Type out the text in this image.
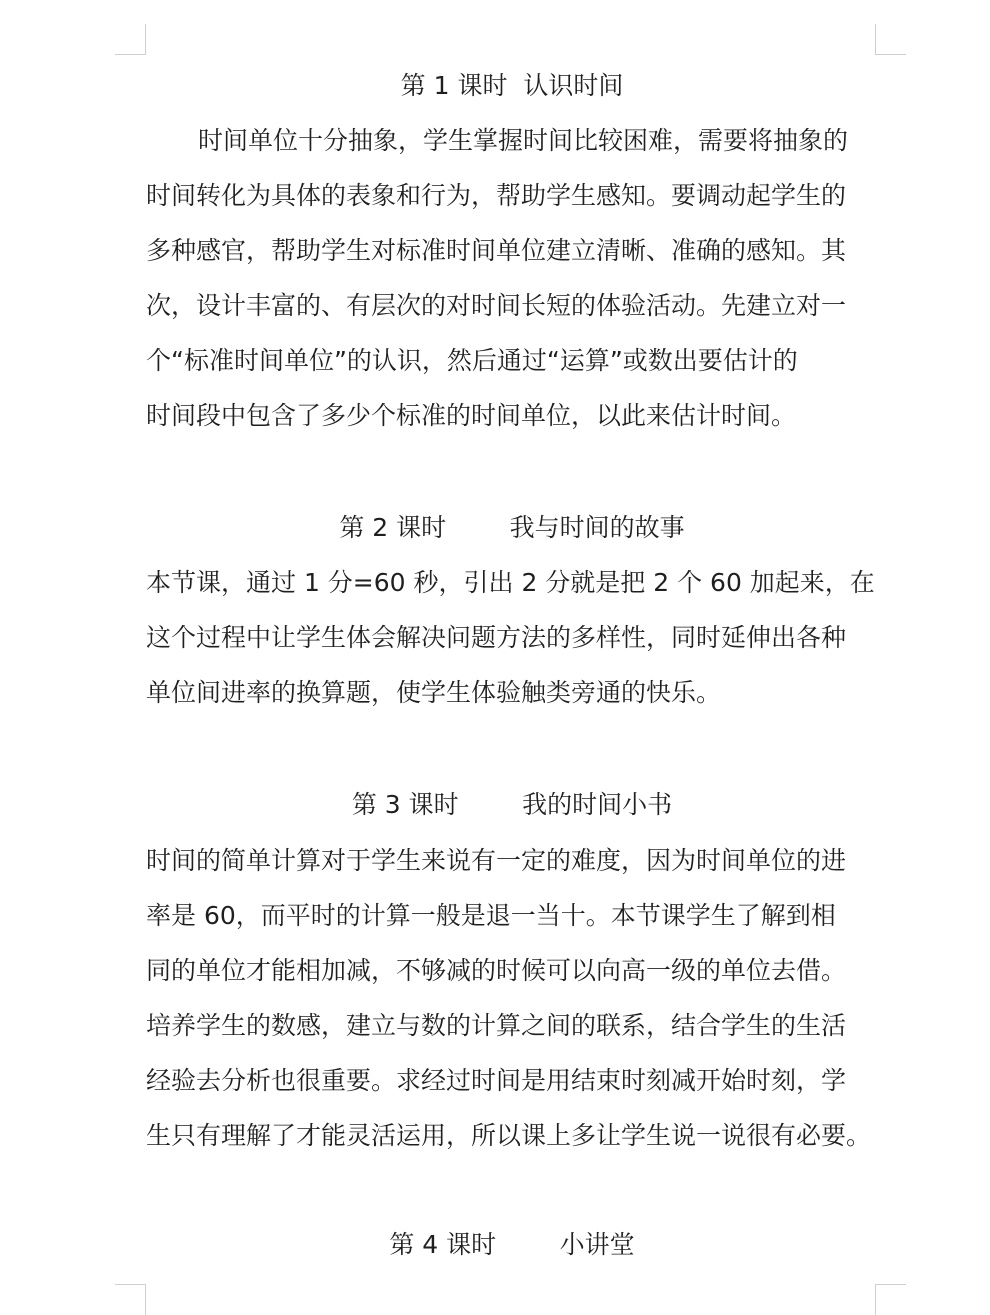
第 1 课时  认识时间
时间单位十分抽象，学生掌握时间比较困难，需要将抽象的
时间转化为具体的表象和行为，帮助学生感知。要调动起学生的
多种感官，帮助学生对标准时间单位建立清晰、准确的感知。其
次，设计丰富的、有层次的对时间长短的体验活动。先建立对一
个“标准时间单位”的认识，然后通过“运算”或数出要估计的
时间段中包含了多少个标准的时间单位，以此来估计时间。
第 2 课时        我与时间的故事
本节课，通过 1 分=60 秒，引出 2 分就是把 2 个 60 加起来，在
这个过程中让学生体会解决问题方法的多样性，同时延伸出各种
单位间进率的换算题，使学生体验触类旁通的快乐。
第 3 课时        我的时间小书
时间的简单计算对于学生来说有一定的难度，因为时间单位的进
率是 60，而平时的计算一般是退一当十。本节课学生了解到相
同的单位才能相加减，不够减的时候可以向高一级的单位去借。
培养学生的数感，建立与数的计算之间的联系，结合学生的生活
经验去分析也很重要。求经过时间是用结束时刻减开始时刻，学
生只有理解了才能灵活运用，所以课上多让学生说一说很有必要。
第 4 课时        小讲堂
